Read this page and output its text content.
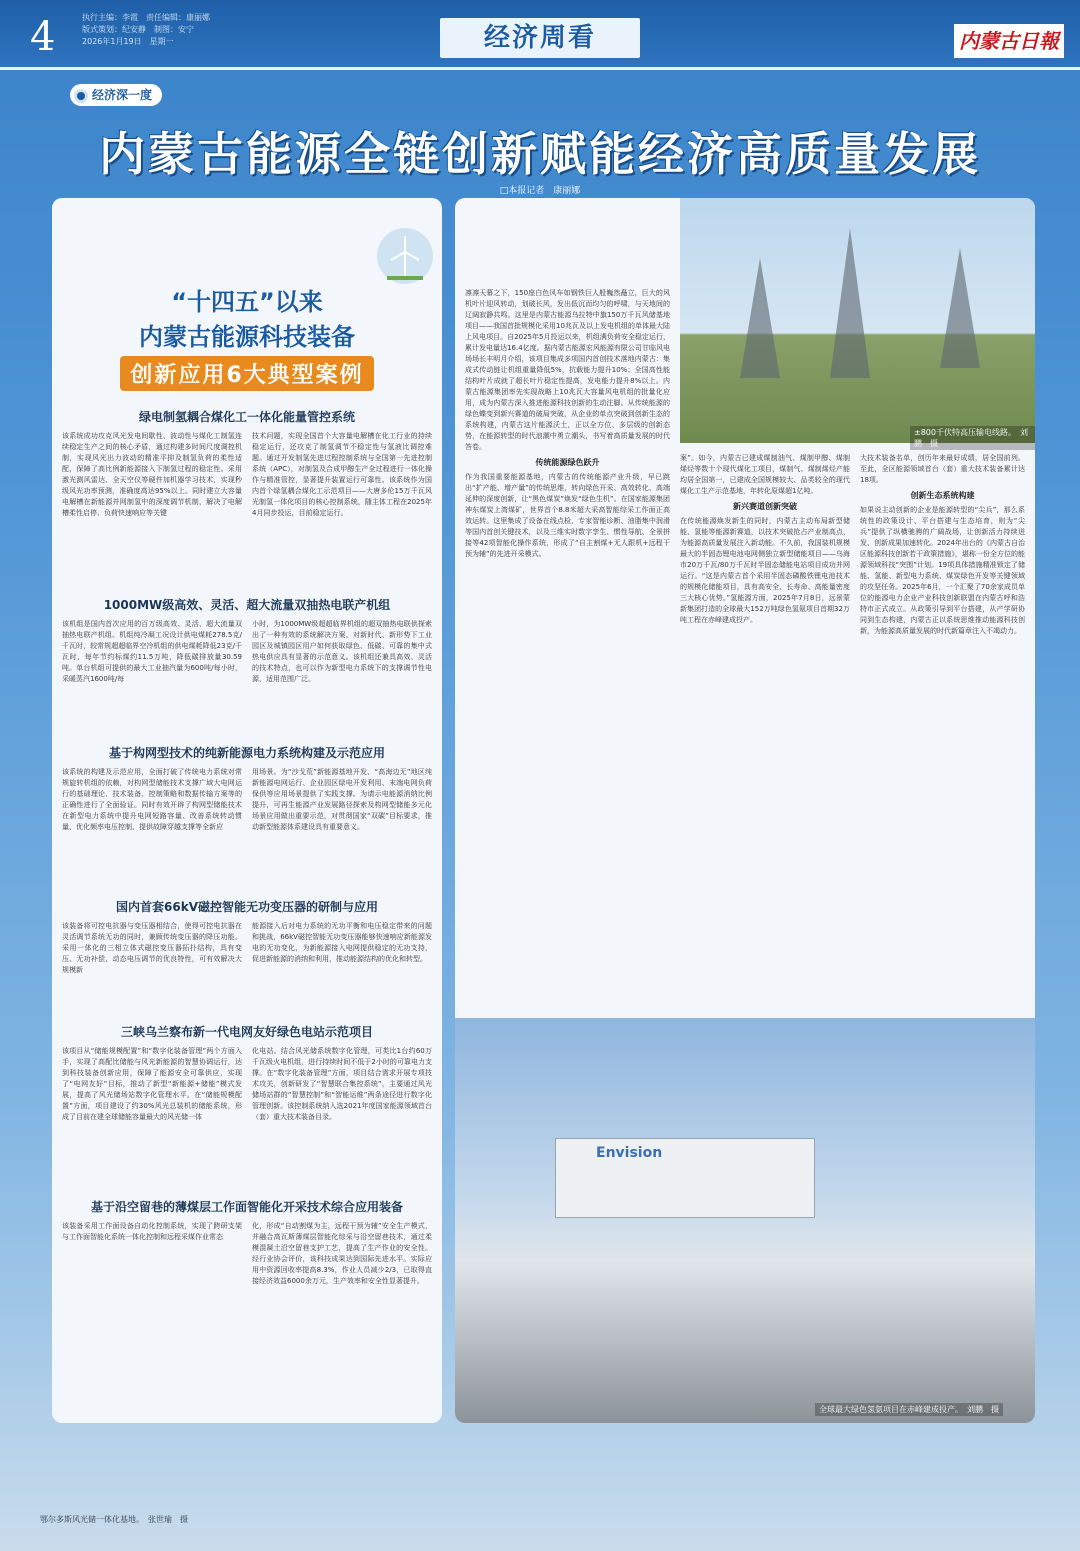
4	执行主编：李霞　责任编辑：康丽娜
版式策划：纪安静　制图：安宁
2026年1月19日　星期一	经济周看	内蒙古日報
经济深一度
内蒙古能源全链创新赋能经济高质量发展
□本报记者　康丽娜
“十四五”以来
内蒙古能源科技装备
创新应用6大典型案例
绿电制氢耦合煤化工一体化能量管控系统
该系统成功攻克风光发电间歇性、波动性与煤化工制氢连续稳定生产之间的核心矛盾，通过构建多时间尺度调控机制，实现风光出力波动的精准平抑及制氢负荷的柔性适配，保障了高比例新能源接入下制氢过程的稳定性。采用激光测风雷达、全天空仪等硬件加机器学习技术，实现秒级风光功率预测，准确度高达95%以上。同时建立大容量电解槽在新能源并网制氢中的深度调节机制，解决了电解槽柔性启停、负荷快速响应等关键
技术问题，实现全国首个大容量电解槽在化工行业的持续稳定运行，还攻克了制氢调节不稳定性与氢液比调控难题。通过开发制氢先进过程控制系统与全国第一先进控制系统（APC），对制氢及合成甲醇生产全过程进行一体化操作与精准管控，显著提升装置运行可靠性。该系统作为国内首个绿氢耦合煤化工示范项目——大唐多伦15万千瓦风光制氢一体化项目的核心控制系统，随主体工程在2025年4月同步投运，目前稳定运行。
1000MW级高效、灵活、超大流量双抽热电联产机组
该机组是国内首次应用的百万级高效、灵活、超大流量双抽热电联产机组。机组纯冷凝工况设计供电煤耗278.5克/千瓦时，较常规超超临界空冷机组的供电煤耗降低23克/千瓦时，每年节约标煤约11.5万吨，降低碳排放量30.59吨。单台机组可提供的最大工业抽汽量为600吨/每小时，采暖蒸汽1600吨/每
小时，为1000MW级超超临界机组的超双抽热电联供探索出了一种有效的系统解决方案，对新时代、新形势下工业园区及城镇园区用户如何获取绿色、低碳、可靠的集中式热电供应具有显著的示范意义。该机组还兼具高效、灵活的技术特点，也可以作为新型电力系统下的支撑调节性电源，适用范围广泛。
基于构网型技术的纯新能源电力系统构建及示范应用
该系统的构建及示范应用，全面打破了传统电力系统对常规旋转机组的依赖，对构网型储能技术支撑广域大电网运行的基础理论、技术装备、控制策略和数据传输方案等的正确性进行了全面验证。同时有效开辟了构网型储能技术在新型电力系统中提升电网短路容量、改善系统转动惯量、优化频率电压控制、提供故障穿越支撑等全新应
用场景。为“沙戈荒”新能源基地开发、“高海边无”地区纯新能源电网运行、企业园区绿电开发利用、末端电网负荷保供等应用场景提供了实践支撑。为请示电能源消纳比例提升，可再生能源产业发展路径探索及构网型储能多元化场景应用做出重要示范，对贯彻国家“双碳”目标要求，推动新型能源体系建设具有重要意义。
国内首套66kV磁控智能无功变压器的研制与应用
该装备将可控电抗器与变压器相结合，使得可控电抗器在灵活调节系统无功的同时，兼顾传统变压器的降压功能。采用一体化的三相立体式磁控变压器拓扑结构，具有变压、无功补偿、动态电压调节的优良特性，可有效解决大规模新
能源接入后对电力系统的无功平衡和电压稳定带来的问题和挑战，66kV磁控智能无功变压器能够快速响应新能源发电的无功变化，为新能源接入电网提供稳定的无功支持，促进新能源的消纳和利用，推动能源结构的优化和转型。
三峡乌兰察布新一代电网友好绿色电站示范项目
该项目从“储能规模配置”和“数字化装备管理”两个方面入手，实现了高配比储能与风光新能源的智慧协调运行，达到科技装备创新应用，保障了能源安全可靠供应，实现了“电网友好”目标，推动了新型“新能源+储能”模式发展，提高了风光储场站数字化管理水平。在“储能规模配置”方面，项目建设了约30%风光总装机的储能系统，形成了目前在建全球储能容量最大的风光储一体
化电站。结合风光储系统数字化管理，可类比1台约60万千瓦级火电机组，进行持续时间不低于2小时的可靠电力支撑。在“数字化装备管理”方面，项目结合需求开展专项技术攻关，创新研发了“智慧联合集控系统”，主要通过风光储场站群的“智慧控制”和“智能运维”两条途径进行数字化管理创新。该控制系统纳入选2021年度国家能源领域首台（套）重大技术装备目录。
基于沿空留巷的薄煤层工作面智能化开采技术综合应用装备
该装备采用工作面设备自动化控制系统，实现了跨研支架与工作面智能化系统一体化控制和远程采煤作业常态
化，形成“自动割煤为主，远程干预为辅”安全生产模式，并融合高瓦斯薄煤层智能化综采与沿空留巷技术，通过柔模混凝土沿空留巷支护工艺，提高了生产作业的安全性。经行业协会评价，该科技成果达到国际先进水平。实际应用中资源回收率提高8.3%，作业人员减少2/3，已取得直接经济效益6000余万元，生产效率和安全性显著提升。
±800千伏特高压输电线路。　刘鹏　摄
凛凛天幕之下，150座白色风车如钢铁巨人般巍然矗立，巨大的风机叶片迎风转动，划破长风，发出低沉而均匀的呼啸，与天地间的辽阔寂静共鸣。这里是内蒙古能源乌拉特中旗150万千瓦风储基地项目——我国首批规模化采用10兆瓦及以上发电机组的单体最大陆上风电项目。自2025年5月投运以来，机组满负荷安全稳定运行，累计发电量达16.4亿度。据内蒙古能源宏风能源有限公司甘临风电场场长丰明月介绍，该项目集成多项国内首创技术落地内蒙古：集成式传动链让机组重量降低5%，抗载能力提升10%；全国高性能结构叶片成就了超长叶片稳定性提高，发电能力提升8%以上。内蒙古能源集团率先实现战略上10兆瓦大容量风电机组的批量化应用，成为内蒙古深入推进能源科技创新的生动注脚。从传统能源的绿色蝶变到新兴赛道的破局突破，从企业的单点突破到创新生态的系统构建，内蒙古这片能源沃土，正以全方位、多层级的创新态势，在能源转型的时代浪潮中勇立潮头，书写着高质量发展的时代答卷。
传统能源绿色跃升
作为我国重要能源基地，内蒙古的传统能源产业升级，早已跳出“扩产能、增产量”的传统思维，转向绿色开采、高效转化、高端延伸的深度创新，让“黑色煤炭”焕发“绿色生机”。在国家能源集团神东煤炭上湾煤矿，世界首个8.8米超大采高智能综采工作面正高效运转。这里集成了设备在线点检、专家智能诊断、油脂集中润滑等国内首创关键技术，以及三维实时数字孪生、惯性导航、全景拼接等42项智能化操作系统，形成了“自主割煤+无人跟机+远程干预为辅”的先进开采模式。
案”。如今，内蒙古已建成煤制油气、煤制甲醇、煤制烯烃等数十个现代煤化工项目，煤制气、煤制烯烃产能均居全国第一，已建成全国规模较大、品类较全的现代煤化工生产示范基地，年转化原煤超1亿吨。
新兴赛道创新突破
在传统能源焕发新生的同时，内蒙古主动布局新型储能、氢能等能源新赛道，以技术突破抢占产业制高点，为能源高质量发展注入新动能。不久前，我国装机规模最大的半固态锂电池电网侧独立新型储能项目——乌海市20万千瓦/80万千瓦时半固态储能电站项目成功并网运行。“这是内蒙古首个采用半固态磷酸铁锂电池技术的规模化储能项目，具有高安全、长寿命、高能量密度三大核心优势。”氢能源方面，2025年7月8日，远景蒙新集团打造的全球最大152万吨绿色氢氨项目首期32万吨工程在赤峰建成投产。
大技术装备名单，创历年来最好成绩，居全国前列。至此，全区能源领域首台（套）重大技术装备累计达18项。
创新生态系统构建
如果说主动创新的企业是能源转型的“尖兵”，那么系统性的政策设计、平台搭建与生态培育，则为“尖兵”提供了纵横驰骋的广阔战场，让创新活力持续迸发、创新成果加速转化。2024年出台的《内蒙古自治区能源科技创新若干政策措施》，堪称一份全方位的能源领域科技“突围”计划。19项具体措施精准锁定了储能、氢能、新型电力系统、煤炭绿色开发等关键领域的攻坚任务。2025年6月，一个汇聚了70余家成员单位的能源电力企业产业科技创新联盟在内蒙古呼和浩特市正式成立。从政策引导到平台搭建，从产学研协同到生态构建，内蒙古正以系统思维推动能源科技创新，为能源高质量发展的时代新篇章注入不竭动力。
Envision
全球最大绿色氢氨项目在赤峰建成投产。　刘鹏　摄
鄂尔多斯风光储一体化基地。　张世瑜　摄
